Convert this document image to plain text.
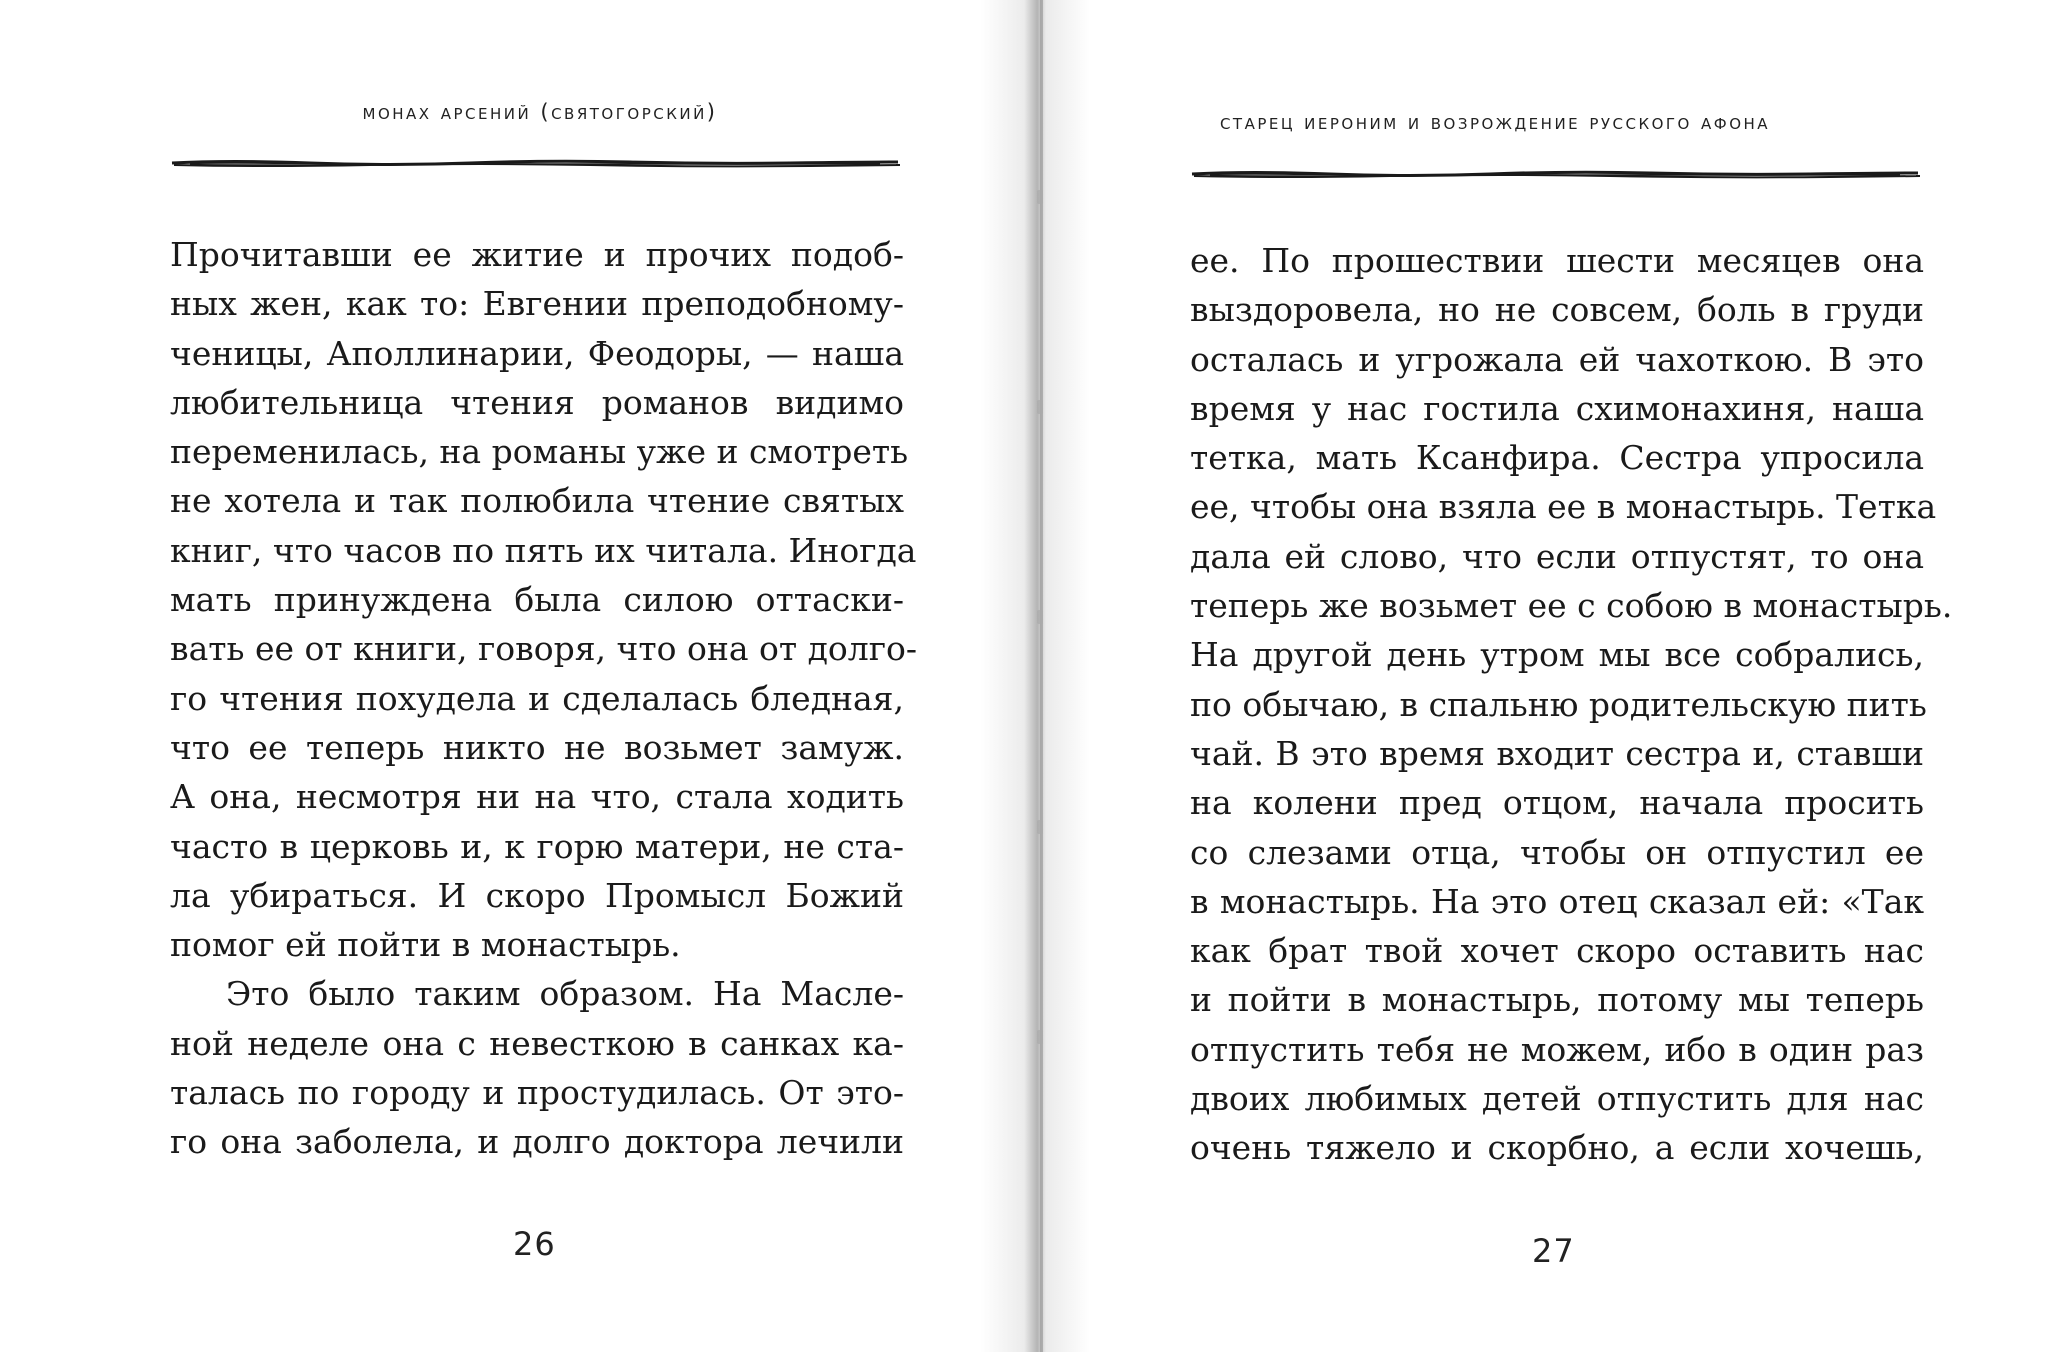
монах арсений (святогорский)
Прочитавши ее житие и прочих подоб-
ных жен, как то: Евгении преподобному-
ченицы, Аполлинарии, Феодоры, — наша
любительница чтения романов видимо
переменилась, на романы уже и смотреть
не хотела и так полюбила чтение святых
книг, что часов по пять их читала. Иногда
мать принуждена была силою оттаски-
вать ее от книги, говоря, что она от долго-
го чтения похудела и сделалась бледная,
что ее теперь никто не возьмет замуж.
А она, несмотря ни на что, стала ходить
часто в церковь и, к горю матери, не ста-
ла убираться. И скоро Промысл Божий
помог ей пойти в монастырь.
Это было таким образом. На Масле-
ной неделе она с невесткою в санках ка-
талась по городу и простудилась. От это-
го она заболела, и долго доктора лечили
26
старец иероним и возрождение русского афона
ее. По прошествии шести месяцев она
выздоровела, но не совсем, боль в груди
осталась и угрожала ей чахоткою. В это
время у нас гостила схимонахиня, наша
тетка, мать Ксанфира. Сестра упросила
ее, чтобы она взяла ее в монастырь. Тетка
дала ей слово, что если отпустят, то она
теперь же возьмет ее с собою в монастырь.
На другой день утром мы все собрались,
по обычаю, в спальню родительскую пить
чай. В это время входит сестра и, ставши
на колени пред отцом, начала просить
со слезами отца, чтобы он отпустил ее
в монастырь. На это отец сказал ей: «Так
как брат твой хочет скоро оставить нас
и пойти в монастырь, потому мы теперь
отпустить тебя не можем, ибо в один раз
двоих любимых детей отпустить для нас
очень тяжело и скорбно, а если хочешь,
27
